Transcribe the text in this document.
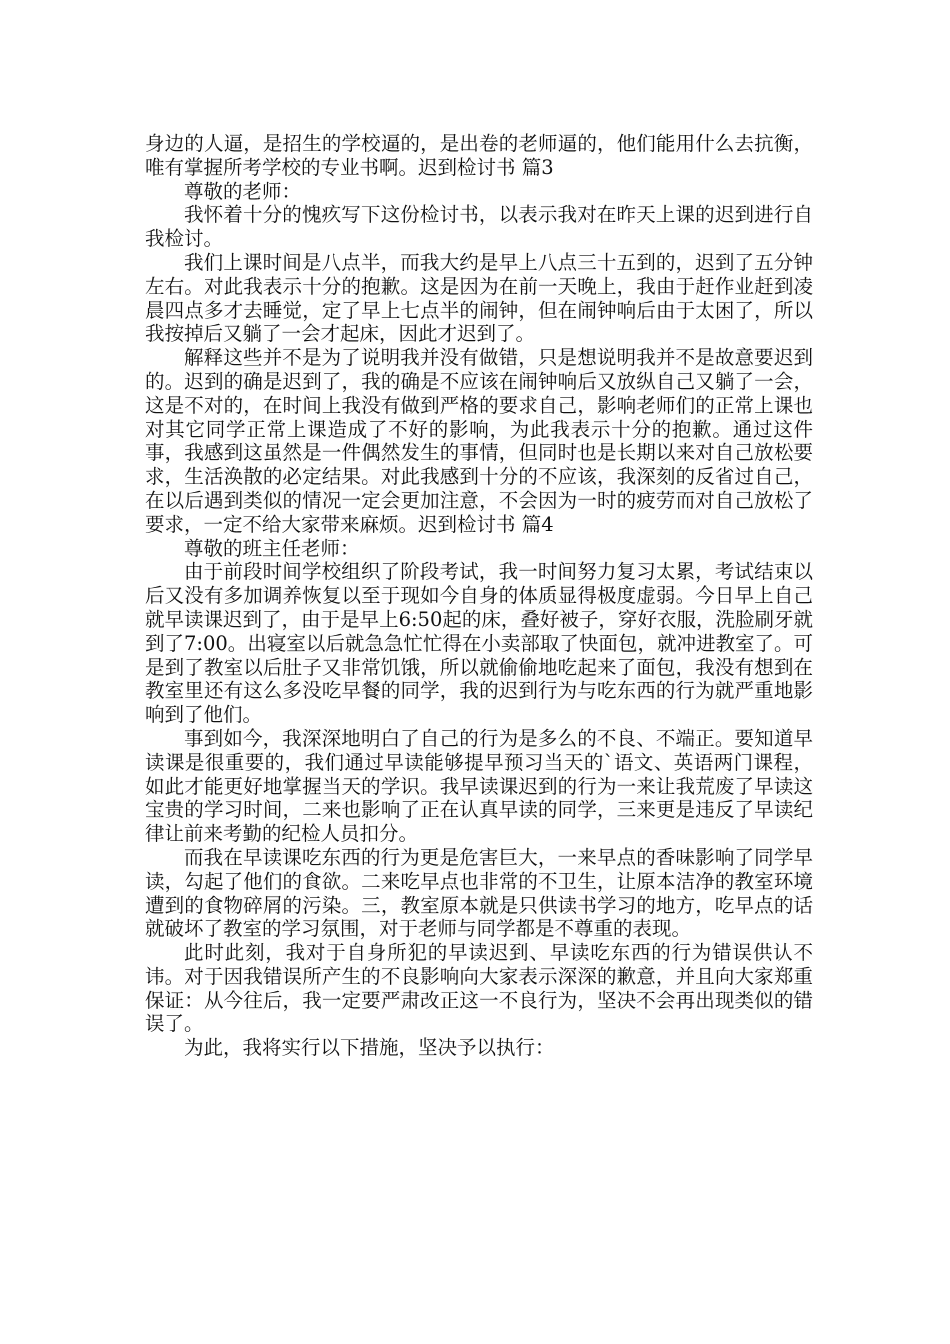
身边的人逼，是招生的学校逼的，是出卷的老师逼的，他们能用什么去抗衡，唯有掌握所考学校的专业书啊。迟到检讨书 篇3

尊敬的老师：

我怀着十分的愧疚写下这份检讨书，以表示我对在昨天上课的迟到进行自我检讨。

我们上课时间是八点半，而我大约是早上八点三十五到的，迟到了五分钟左右。对此我表示十分的抱歉。这是因为在前一天晚上，我由于赶作业赶到凌晨四点多才去睡觉，定了早上七点半的闹钟，但在闹钟响后由于太困了，所以我按掉后又躺了一会才起床，因此才迟到了。

解释这些并不是为了说明我并没有做错，只是想说明我并不是故意要迟到的。迟到的确是迟到了，我的确是不应该在闹钟响后又放纵自己又躺了一会，这是不对的，在时间上我没有做到严格的要求自己，影响老师们的正常上课也对其它同学正常上课造成了不好的影响，为此我表示十分的抱歉。通过这件事，我感到这虽然是一件偶然发生的事情，但同时也是长期以来对自己放松要求，生活涣散的必定结果。对此我感到十分的不应该，我深刻的反省过自己，在以后遇到类似的情况一定会更加注意，不会因为一时的疲劳而对自己放松了要求，一定不给大家带来麻烦。迟到检讨书 篇4

尊敬的班主任老师：

由于前段时间学校组织了阶段考试，我一时间努力复习太累，考试结束以后又没有多加调养恢复以至于现如今自身的体质显得极度虚弱。今日早上自己就早读课迟到了，由于是早上6:50起的床，叠好被子，穿好衣服，洗脸刷牙就到了7:00。出寝室以后就急急忙忙得在小卖部取了快面包，就冲进教室了。可是到了教室以后肚子又非常饥饿，所以就偷偷地吃起来了面包，我没有想到在教室里还有这么多没吃早餐的同学，我的迟到行为与吃东西的行为就严重地影响到了他们。

事到如今，我深深地明白了自己的行为是多么的不良、不端正。要知道早读课是很重要的，我们通过早读能够提早预习当天的`语文、英语两门课程，如此才能更好地掌握当天的学识。我早读课迟到的行为一来让我荒废了早读这宝贵的学习时间，二来也影响了正在认真早读的同学，三来更是违反了早读纪律让前来考勤的纪检人员扣分。

而我在早读课吃东西的行为更是危害巨大，一来早点的香味影响了同学早读，勾起了他们的食欲。二来吃早点也非常的不卫生，让原本洁净的教室环境遭到的食物碎屑的污染。三，教室原本就是只供读书学习的地方，吃早点的话就破坏了教室的学习氛围，对于老师与同学都是不尊重的表现。

此时此刻，我对于自身所犯的早读迟到、早读吃东西的行为错误供认不讳。对于因我错误所产生的不良影响向大家表示深深的歉意，并且向大家郑重保证：从今往后，我一定要严肃改正这一不良行为，坚决不会再出现类似的错误了。

为此，我将实行以下措施，坚决予以执行：
